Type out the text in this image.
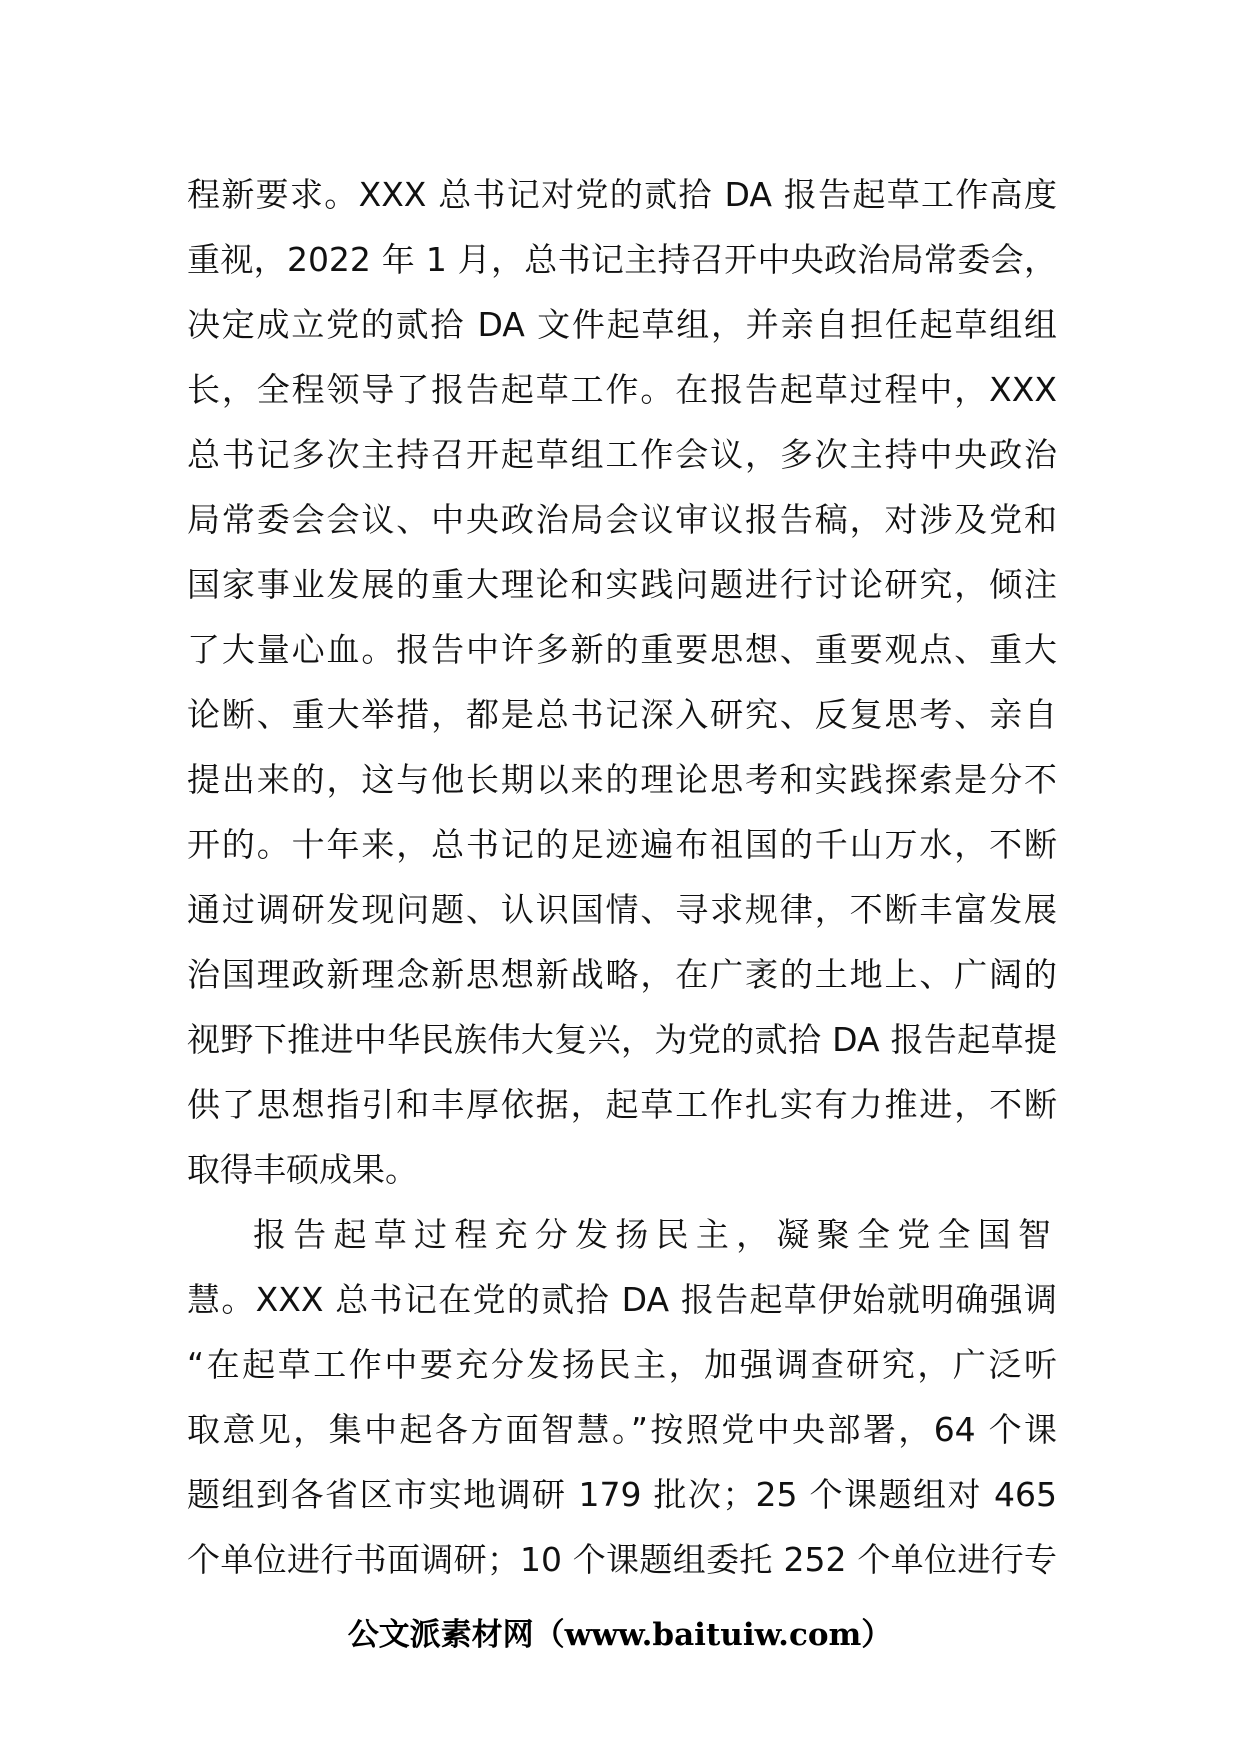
程新要求。XXX 总书记对党的贰拾 DA 报告起草工作高度
重视，2022 年 1 月，总书记主持召开中央政治局常委会，
决定成立党的贰拾 DA 文件起草组，并亲自担任起草组组
长，全程领导了报告起草工作。在报告起草过程中，XXX
总书记多次主持召开起草组工作会议，多次主持中央政治
局常委会会议、中央政治局会议审议报告稿，对涉及党和
国家事业发展的重大理论和实践问题进行讨论研究，倾注
了大量心血。报告中许多新的重要思想、重要观点、重大
论断、重大举措，都是总书记深入研究、反复思考、亲自
提出来的，这与他长期以来的理论思考和实践探索是分不
开的。十年来，总书记的足迹遍布祖国的千山万水，不断
通过调研发现问题、认识国情、寻求规律，不断丰富发展
治国理政新理念新思想新战略，在广袤的土地上、广阔的
视野下推进中华民族伟大复兴，为党的贰拾 DA 报告起草提
供了思想指引和丰厚依据，起草工作扎实有力推进，不断
取得丰硕成果。
报告起草过程充分发扬民主，凝聚全党全国智
慧。XXX 总书记在党的贰拾 DA 报告起草伊始就明确强调
“在起草工作中要充分发扬民主，加强调查研究，广泛听
取意见，集中起各方面智慧。”按照党中央部署，64 个课
题组到各省区市实地调研 179 批次；25 个课题组对 465
个单位进行书面调研；10 个课题组委托 252 个单位进行专
公文派素材网（www.baituiw.com）
